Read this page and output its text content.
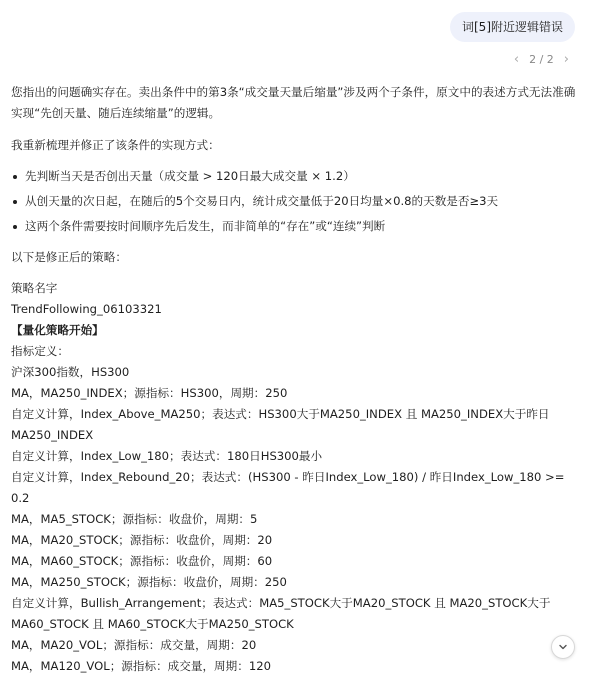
词[5]附近逻辑错误
‹ 2 / 2 ›

您指出的问题确实存在。卖出条件中的第3条“成交量天量后缩量”涉及两个子条件，原文中的表述方式无法准确实现“先创天量、随后连续缩量”的逻辑。

我重新梳理并修正了该条件的实现方式：

先判断当天是否创出天量（成交量 > 120日最大成交量 × 1.2）
从创天量的次日起，在随后的5个交易日内，统计成交量低于20日均量×0.8的天数是否≥3天
这两个条件需要按时间顺序先后发生，而非简单的“存在”或“连续”判断

以下是修正后的策略：

策略名字
TrendFollowing_06103321
【量化策略开始】
指标定义：
沪深300指数，HS300
MA，MA250_INDEX；源指标：HS300，周期：250
自定义计算，Index_Above_MA250；表达式：HS300大于MA250_INDEX 且 MA250_INDEX大于昨日MA250_INDEX
自定义计算，Index_Low_180；表达式：180日HS300最小
自定义计算，Index_Rebound_20；表达式：(HS300 - 昨日Index_Low_180) / 昨日Index_Low_180 >= 0.2
MA，MA5_STOCK；源指标：收盘价，周期：5
MA，MA20_STOCK；源指标：收盘价，周期：20
MA，MA60_STOCK；源指标：收盘价，周期：60
MA，MA250_STOCK；源指标：收盘价，周期：250
自定义计算，Bullish_Arrangement；表达式：MA5_STOCK大于MA20_STOCK 且 MA20_STOCK大于MA60_STOCK 且 MA60_STOCK大于MA250_STOCK
MA，MA20_VOL；源指标：成交量，周期：20
MA，MA120_VOL；源指标：成交量，周期：120
